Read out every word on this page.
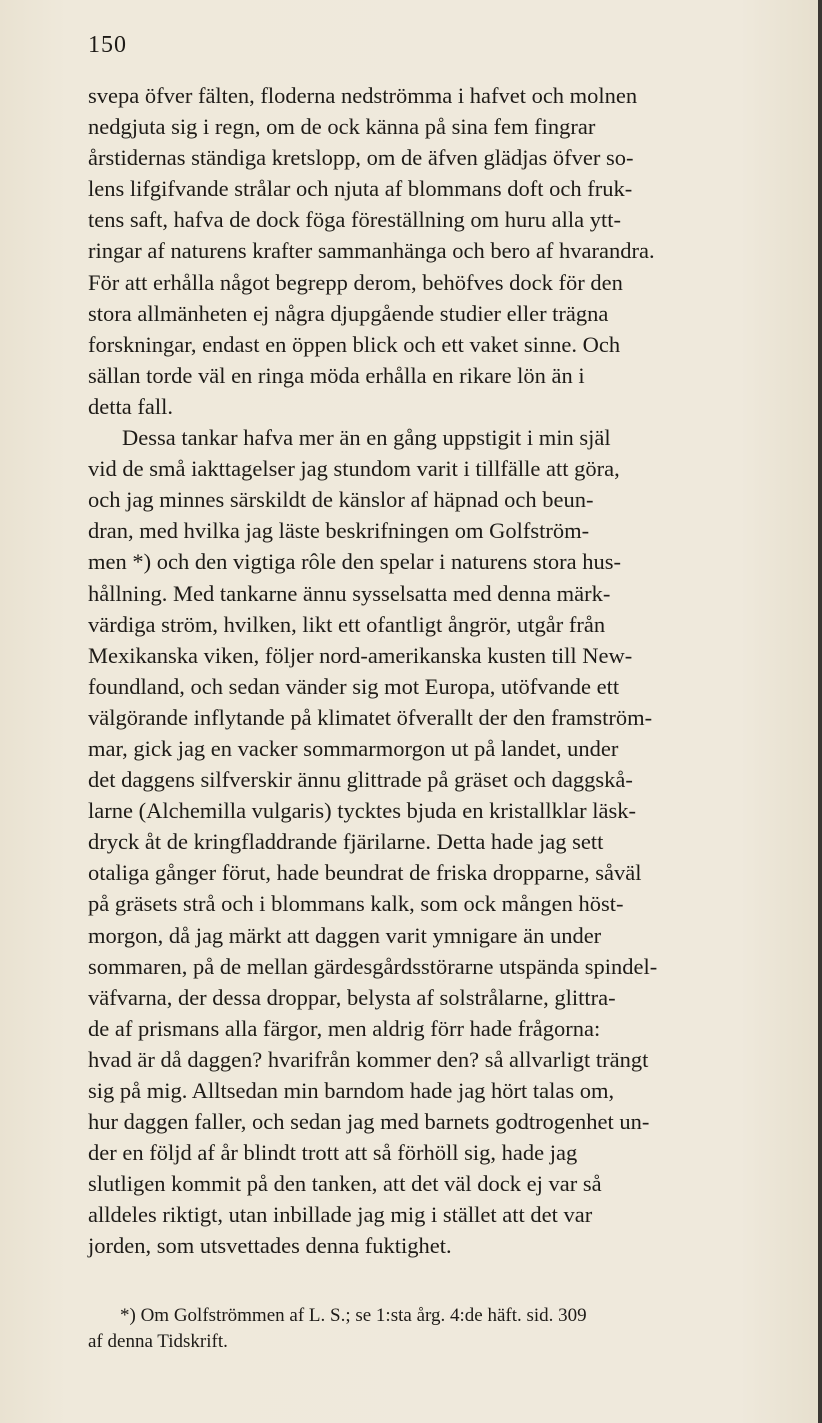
150

svepa öfver fälten, floderna nedströmma i hafvet och molnen
nedgjuta sig i regn, om de ock känna på sina fem fingrar
årstidernas ständiga kretslopp, om de äfven glädjas öfver so-
lens lifgifvande strålar och njuta af blommans doft och fruk-
tens saft, hafva de dock föga föreställning om huru alla ytt-
ringar af naturens krafter sammanhänga och bero af hvarandra.
För att erhålla något begrepp derom, behöfves dock för den
stora allmänheten ej några djupgående studier eller trägna
forskningar, endast en öppen blick och ett vaket sinne. Och
sällan torde väl en ringa möda erhålla en rikare lön än i
detta fall.

Dessa tankar hafva mer än en gång uppstigit i min själ
vid de små iakttagelser jag stundom varit i tillfälle att göra,
och jag minnes särskildt de känslor af häpnad och beun-
dran, med hvilka jag läste beskrifningen om Golfström-
men *) och den vigtiga rôle den spelar i naturens stora hus-
hållning. Med tankarne ännu sysselsatta med denna märk-
värdiga ström, hvilken, likt ett ofantligt ångrör, utgår från
Mexikanska viken, följer nord-amerikanska kusten till New-
foundland, och sedan vänder sig mot Europa, utöfvande ett
välgörande inflytande på klimatet öfverallt der den framström-
mar, gick jag en vacker sommarmorgon ut på landet, under
det daggens silfverskir ännu glittrade på gräset och daggskå-
larne (Alchemilla vulgaris) tycktes bjuda en kristallklar läsk-
dryck åt de kringfladdrande fjärilarne. Detta hade jag sett
otaliga gånger förut, hade beundrat de friska dropparne, såväl
på gräsets strå och i blommans kalk, som ock mången höst-
morgon, då jag märkt att daggen varit ymnigare än under
sommaren, på de mellan gärdesgårdsstörarne utspända spindel-
väfvarna, der dessa droppar, belysta af solstrålarne, glittra-
de af prismans alla färgor, men aldrig förr hade frågorna:
hvad är då daggen? hvarifrån kommer den? så allvarligt trängt
sig på mig. Alltsedan min barndom hade jag hört talas om,
hur daggen faller, och sedan jag med barnets godtrogenhet un-
der en följd af år blindt trott att så förhöll sig, hade jag
slutligen kommit på den tanken, att det väl dock ej var så
alldeles riktigt, utan inbillade jag mig i stället att det var
jorden, som utsvettades denna fuktighet.

*) Om Golfströmmen af L. S.; se 1:sta årg. 4:de häft. sid. 309
af denna Tidskrift.
